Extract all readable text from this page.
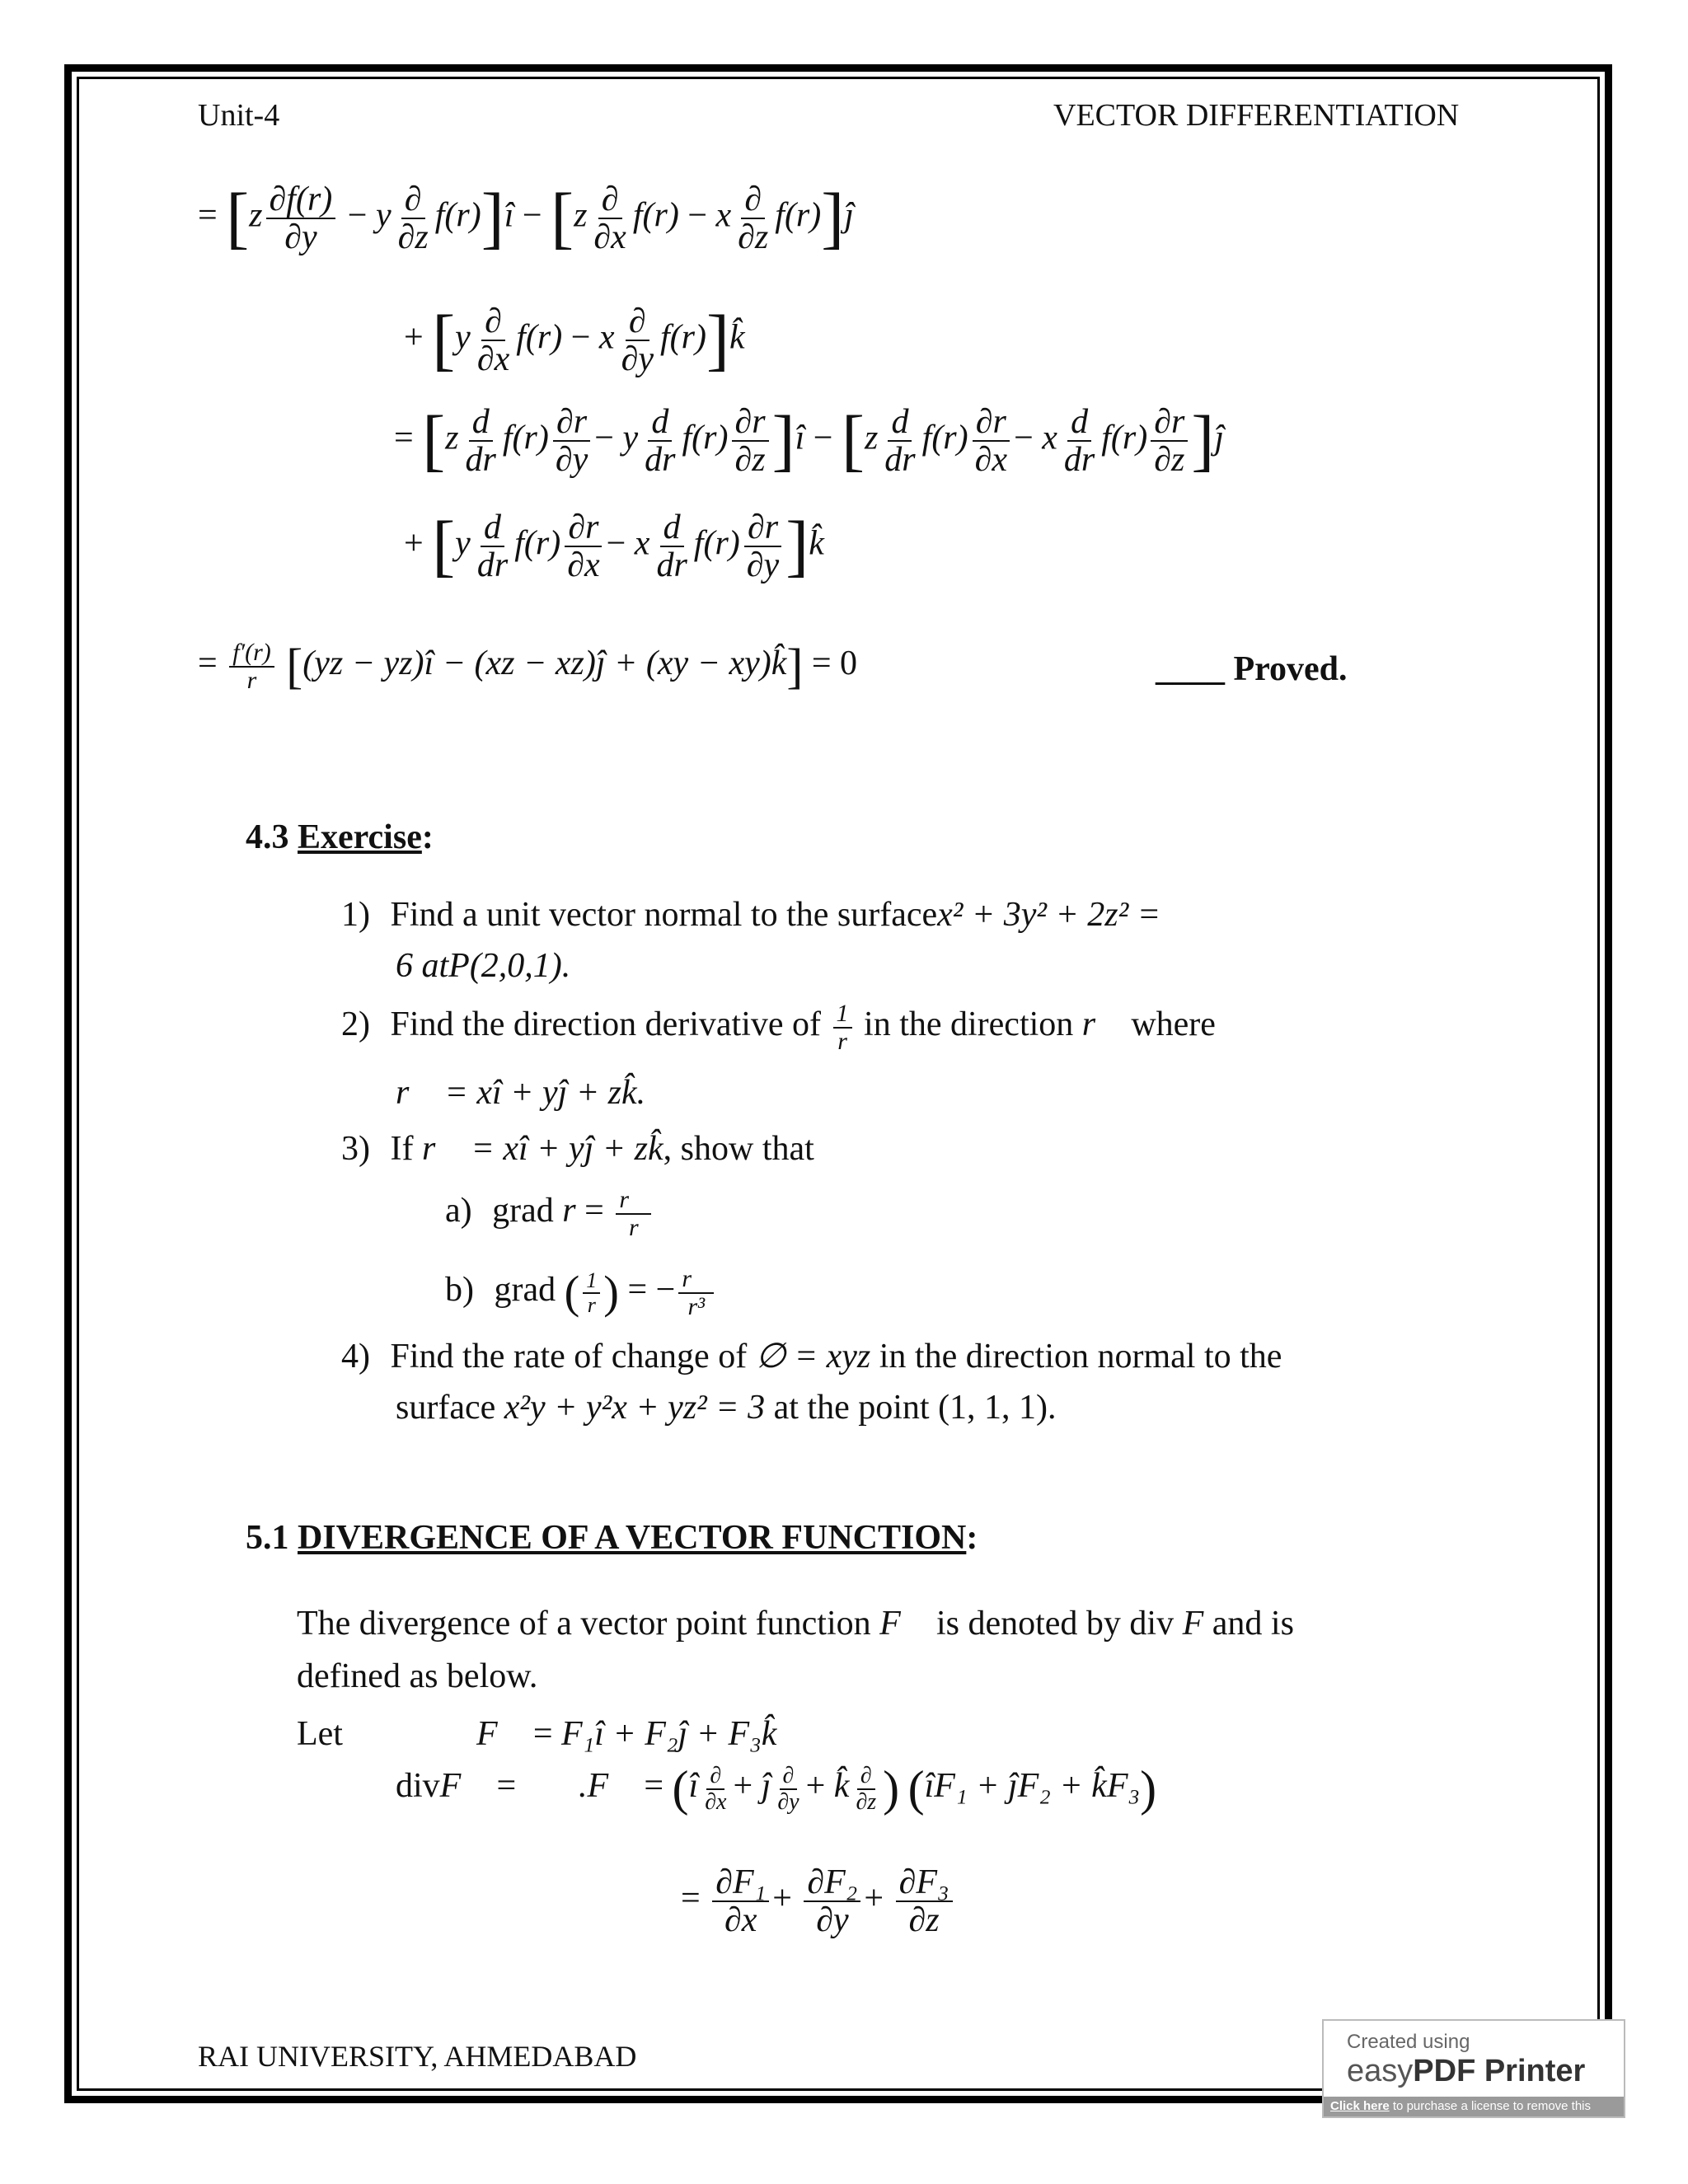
Unit-4	VECTOR DIFFERENTIATION
= [$z \frac{\partial f(r)}{\partial y} - y \frac{\partial}{\partial z}$ f(r)]î − [$z \frac{\partial}{\partial x} f(r) - x \frac{\partial}{\partial z}$ f(r)]ĵ
+ [$y \frac{\partial}{\partial x} f(r) - x \frac{\partial}{\partial y}$ f(r)]k̂
= [$z \frac{d}{dr} f(r) \frac{\partial r}{\partial y} - y \frac{d}{dr} f(r) \frac{\partial r}{\partial z}$ ]î − [$z \frac{d}{dr} f(r) \frac{\partial r}{\partial x} - x \frac{d}{dr} f(r) \frac{\partial r}{\partial z}$ ]ĵ
+ [$y \frac{d}{dr} f(r) \frac{\partial r}{\partial x} - x \frac{d}{dr} f(r) \frac{\partial r}{\partial y}$ ]k̂
= $\frac{f'(r)}{r} [(yz$ − yz)î − (xz − xz)ĵ + (xy − xy)k̂] = 0	____ Proved.
4.3 Exercise:
1) Find a unit vector normal to the surfacex² + 3y² + 2z² =
6 atP(2,0,1).
2) Find the direction derivative of $\frac{1}{r}$ in the direction r⃗ where
r⃗ = xî + yĵ + zk̂.
3) If r⃗ = xî + yĵ + zk̂, show that
a) grad $r = \frac{r⃗}{r}$
b) grad ( $\frac{1}{r}$ ) = − $\frac{r⃗}{\text{r³}}$
4) Find the rate of change of ∅ = xyz in the direction normal to the
surface x²y + y²x + yz² = 3 at the point (1, 1, 1).
5.1 DIVERGENCE OF A VECTOR FUNCTION:
The divergence of a vector point function F⃗ is denoted by div F and is
defined as below.
Let	F⃗ = F₁î + F₂ĵ + F₃k̂
divF⃗ = ∇⃗.F⃗ = (î $\frac{\partial}{\partial x}$ + ĵ $\frac{\partial}{\partial y}$ + k̂ $\frac{\partial}{\partial z}$ ) (îF₁ + ĵF₂ + k̂F₃)
= $\frac{\text{∂F₁}}{\partial x} + \frac{\text{∂F₂}}{\partial y} + \frac{\text{∂F₃}}{\partial z}$
RAI UNIVERSITY, AHMEDABAD	Created using
easyPDF Printer
Click here to purchase a license to remove this image
